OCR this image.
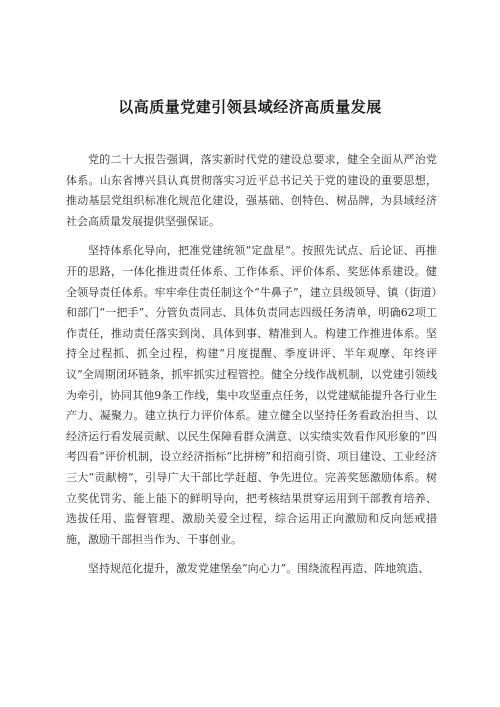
以高质量党建引领县域经济高质量发展

党的二十大报告强调，落实新时代党的建设总要求，健全全面从严治党体系。山东省博兴县认真贯彻落实习近平总书记关于党的建设的重要思想，推动基层党组织标准化规范化建设，强基础、创特色、树品牌，为县域经济社会高质量发展提供坚强保证。

坚持体系化导向，把准党建统领“定盘星”。按照先试点、后论证、再推开的思路，一体化推进责任体系、工作体系、评价体系、奖惩体系建设。健全领导责任体系。牢牢牵住责任制这个“牛鼻子”，建立县级领导、镇（街道）和部门“一把手”、分管负责同志、具体负责同志四级任务清单，明确62项工作责任，推动责任落实到岗、具体到事、精准到人。构建工作推进体系。坚持全过程抓、抓全过程，构建“月度提醒、季度讲评、半年观摩、年终评议”全周期闭环链条，抓牢抓实过程管控。健全分线作战机制，以党建引领线为牵引，协同其他9条工作线，集中攻坚重点任务，以党建赋能提升各行业生产力、凝聚力。建立执行力评价体系。建立健全以坚持任务看政治担当、以经济运行看发展贡献、以民生保障看群众满意、以实绩实效看作风形象的“四考四看”评价机制，设立经济指标“比拼榜”和招商引资、项目建设、工业经济三大“贡献榜”，引导广大干部比学赶超、争先进位。完善奖惩激励体系。树立奖优罚劣、能上能下的鲜明导向，把考核结果贯穿运用到干部教育培养、选拔任用、监督管理、激励关爱全过程，综合运用正向激励和反向惩戒措施，激励干部担当作为、干事创业。

坚持规范化提升，激发党建堡垒“向心力”。围绕流程再造、阵地筑造、
